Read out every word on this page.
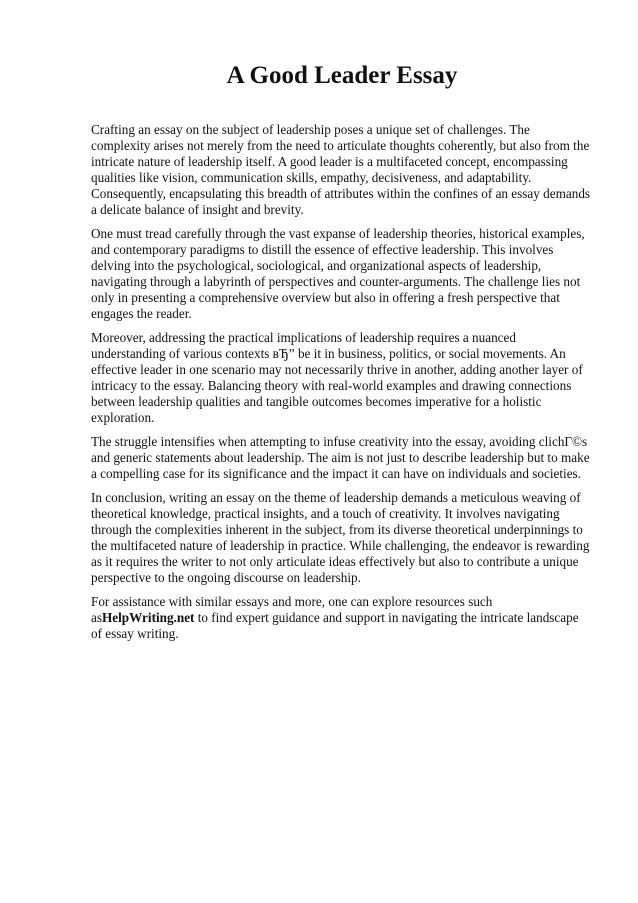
A Good Leader Essay

Crafting an essay on the subject of leadership poses a unique set of challenges. The complexity arises not merely from the need to articulate thoughts coherently, but also from the intricate nature of leadership itself. A good leader is a multifaceted concept, encompassing qualities like vision, communication skills, empathy, decisiveness, and adaptability. Consequently, encapsulating this breadth of attributes within the confines of an essay demands a delicate balance of insight and brevity.

One must tread carefully through the vast expanse of leadership theories, historical examples, and contemporary paradigms to distill the essence of effective leadership. This involves delving into the psychological, sociological, and organizational aspects of leadership, navigating through a labyrinth of perspectives and counter-arguments. The challenge lies not only in presenting a comprehensive overview but also in offering a fresh perspective that engages the reader.

Moreover, addressing the practical implications of leadership requires a nuanced understanding of various contexts вЂ” be it in business, politics, or social movements. An effective leader in one scenario may not necessarily thrive in another, adding another layer of intricacy to the essay. Balancing theory with real-world examples and drawing connections between leadership qualities and tangible outcomes becomes imperative for a holistic exploration.

The struggle intensifies when attempting to infuse creativity into the essay, avoiding clichГ©s and generic statements about leadership. The aim is not just to describe leadership but to make a compelling case for its significance and the impact it can have on individuals and societies.

In conclusion, writing an essay on the theme of leadership demands a meticulous weaving of theoretical knowledge, practical insights, and a touch of creativity. It involves navigating through the complexities inherent in the subject, from its diverse theoretical underpinnings to the multifaceted nature of leadership in practice. While challenging, the endeavor is rewarding as it requires the writer to not only articulate ideas effectively but also to contribute a unique perspective to the ongoing discourse on leadership.

For assistance with similar essays and more, one can explore resources such asHelpWriting.net to find expert guidance and support in navigating the intricate landscape of essay writing.
